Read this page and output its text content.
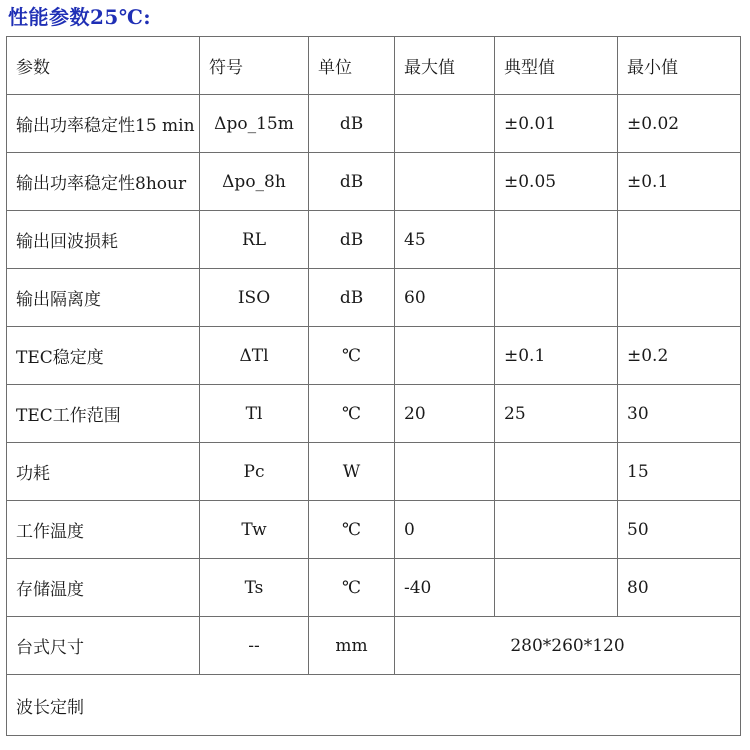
性能参数25℃:
参数	符号	单位	最大值	典型值	最小值
输出功率稳定性15 min	Δpo_15m	dB		±0.01	±0.02
输出功率稳定性8hour	Δpo_8h	dB		±0.05	±0.1
输出回波损耗	RL	dB	45		
输出隔离度	ISO	dB	60		
TEC稳定度	ΔTl	℃		±0.1	±0.2
TEC工作范围	Tl	℃	20	25	30
功耗	Pc	W			15
工作温度	Tw	℃	0		50
存储温度	Ts	℃	-40		80
台式尺寸	--	mm	280*260*120		
波长定制					
